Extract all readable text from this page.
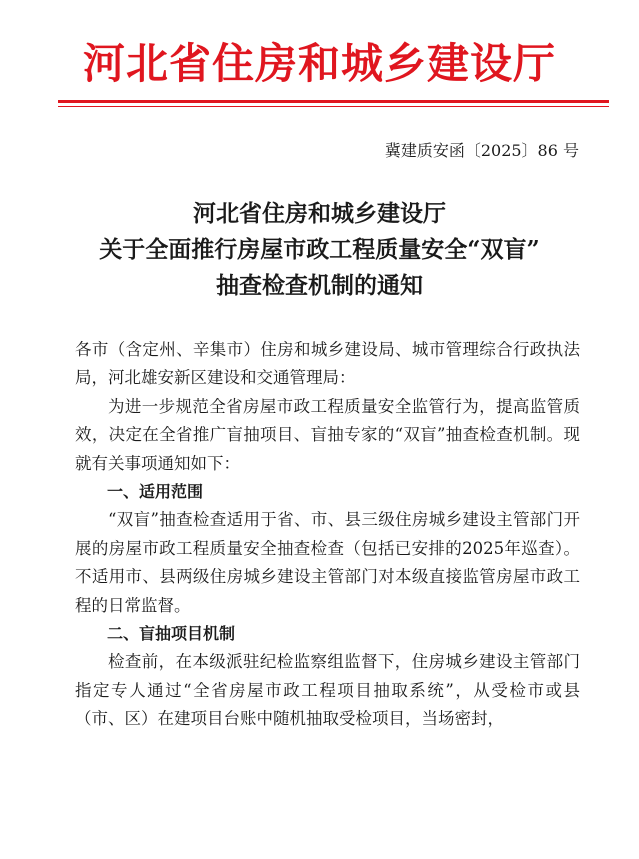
河北省住房和城乡建设厅
冀建质安函〔2025〕86 号
河北省住房和城乡建设厅
关于全面推行房屋市政工程质量安全“双盲”
抽查检查机制的通知

各市（含定州、辛集市）住房和城乡建设局、城市管理综合行政执法局，河北雄安新区建设和交通管理局：

为进一步规范全省房屋市政工程质量安全监管行为，提高监管质效，决定在全省推广盲抽项目、盲抽专家的“双盲”抽查检查机制。现就有关事项通知如下：

一、适用范围

“双盲”抽查检查适用于省、市、县三级住房城乡建设主管部门开展的房屋市政工程质量安全抽查检查（包括已安排的2025年巡查）。不适用市、县两级住房城乡建设主管部门对本级直接监管房屋市政工程的日常监督。

二、盲抽项目机制

检查前，在本级派驻纪检监察组监督下，住房城乡建设主管部门指定专人通过“全省房屋市政工程项目抽取系统”，从受检市或县（市、区）在建项目台账中随机抽取受检项目，当场密封，
